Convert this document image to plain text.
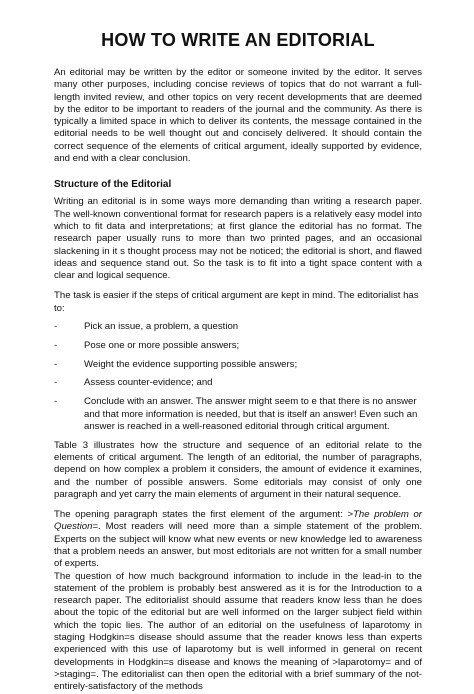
HOW TO WRITE AN EDITORIAL

An editorial may be written by the editor or someone invited by the editor. It serves many other purposes, including concise reviews of topics that do not warrant a full-length invited review, and other topics on very recent developments that are deemed by the editor to be important to readers of the journal and the community. As there is typically a limited space in which to deliver its contents, the message contained in the editorial needs to be well thought out and concisely delivered. It should contain the correct sequence of the elements of critical argument, ideally supported by evidence, and end with a clear conclusion.

Structure of the Editorial

Writing an editorial is in some ways more demanding than writing a research paper. The well-known conventional format for research papers is a relatively easy model into which to fit data and interpretations; at first glance the editorial has no format. The research paper usually runs to more than two printed pages, and an occasional slackening in it s thought process may not be noticed; the editorial is short, and flawed ideas and sequence stand out. So the task is to fit into a tight space content with a clear and logical sequence.

The task is easier if the steps of critical argument are kept in mind. The editorialist has to:

-	Pick an issue, a problem, a question
-	Pose one or more possible answers;
-	Weight the evidence supporting possible answers;
-	Assess counter-evidence; and
-	Conclude with an answer. The answer might seem to e that there is no answer and that more information is needed, but that is itself an answer! Even such an answer is reached in a well-reasoned editorial through critical argument.

Table 3 illustrates how the structure and sequence of an editorial relate to the elements of critical argument. The length of an editorial, the number of paragraphs, depend on how complex a problem it considers, the amount of evidence it examines, and the number of possible answers. Some editorials may consist of only one paragraph and yet carry the main elements of argument in their natural sequence.

The opening paragraph states the first element of the argument: >The problem or Question=. Most readers will need more than a simple statement of the problem. Experts on the subject will know what new events or new knowledge led to awareness that a problem needs an answer, but most editorials are not written for a small number of experts.

The question of how much background information to include in the lead-in to the statement of the problem is probably best answered as it is for the Introduction to a research paper. The editorialist should assume that readers know less than he does about the topic of the editorial but are well informed on the larger subject field within which the topic lies. The author of an editorial on the usefulness of laparotomy in staging Hodgkin=s disease should assume that the reader knows less than experts experienced with this use of laparotomy but is well informed in general on recent developments in Hodgkin=s disease and knows the meaning of >laparotomy= and of >staging=. The editorialist can then open the editorial with a brief summary of the not-entirely-satisfactory of the methods
